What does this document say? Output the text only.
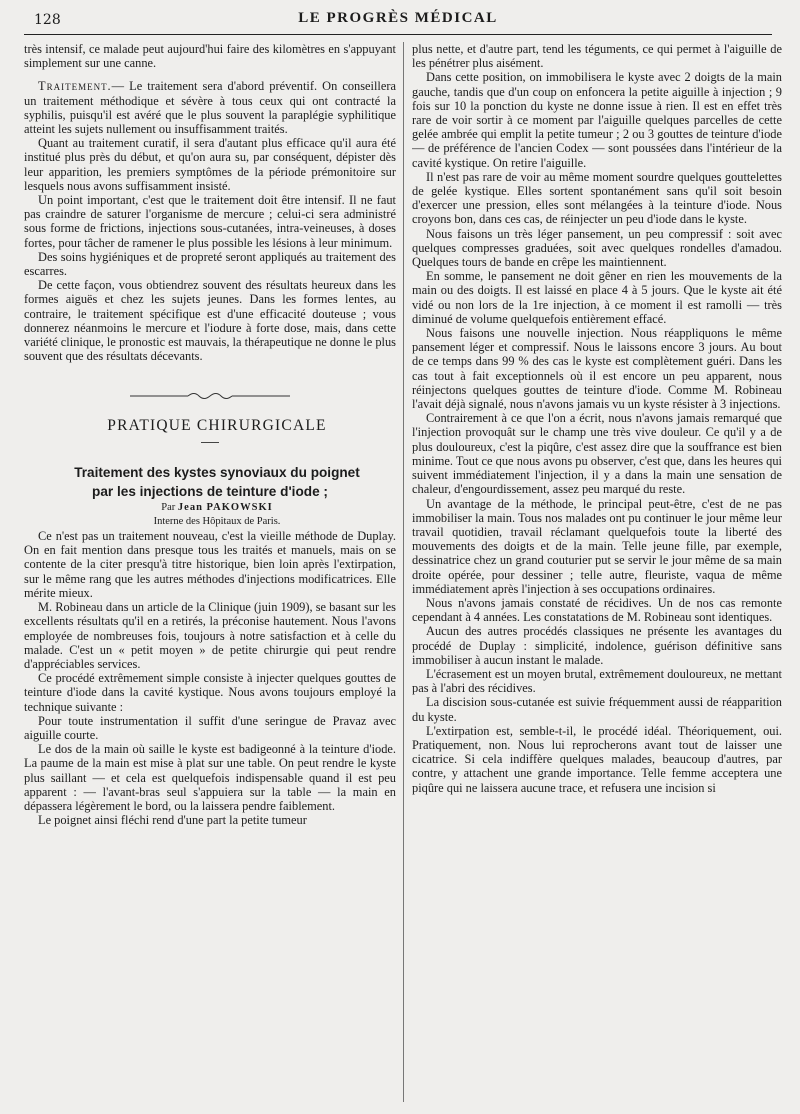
128	LE PROGRÈS MÉDICAL

très intensif, ce malade peut aujourd'hui faire des kilomètres en s'appuyant simplement sur une canne.

Traitement.— Le traitement sera d'abord préventif. On conseillera un traitement méthodique et sévère à tous ceux qui ont contracté la syphilis, puisqu'il est avéré que le plus souvent la paraplégie syphilitique atteint les sujets nullement ou insuffisamment traités.

Quant au traitement curatif, il sera d'autant plus efficace qu'il aura été institué plus près du début, et qu'on aura su, par conséquent, dépister dès leur apparition, les premiers symptômes de la période prémonitoire sur lesquels nous avons suffisamment insisté.

Un point important, c'est que le traitement doit être intensif. Il ne faut pas craindre de saturer l'organisme de mercure ; celui-ci sera administré sous forme de frictions, injections sous-cutanées, intra-veineuses, à doses fortes, pour tâcher de ramener le plus possible les lésions à leur minimum.

Des soins hygiéniques et de propreté seront appliqués au traitement des escarres.

De cette façon, vous obtiendrez souvent des résultats heureux dans les formes aiguës et chez les sujets jeunes. Dans les formes lentes, au contraire, le traitement spécifique est d'une efficacité douteuse ; vous donnerez néanmoins le mercure et l'iodure à forte dose, mais, dans cette variété clinique, le pronostic est mauvais, la thérapeutique ne donne le plus souvent que des résultats décevants.

PRATIQUE CHIRURGICALE

Traitement des kystes synoviaux du poignet
par les injections de teinture d'iode ;

Par Jean PAKOWSKI

Interne des Hôpitaux de Paris.

Ce n'est pas un traitement nouveau, c'est la vieille méthode de Duplay. On en fait mention dans presque tous les traités et manuels, mais on se contente de la citer presqu'à titre historique, bien loin après l'extirpation, sur le même rang que les autres méthodes d'injections modificatrices. Elle mérite mieux.

M. Robineau dans un article de la Clinique (juin 1909), se basant sur les excellents résultats qu'il en a retirés, la préconise hautement. Nous l'avons employée de nombreuses fois, toujours à notre satisfaction et à celle du malade. C'est un « petit moyen » de petite chirurgie qui peut rendre d'appréciables services.

Ce procédé extrêmement simple consiste à injecter quelques gouttes de teinture d'iode dans la cavité kystique. Nous avons toujours employé la technique suivante :

Pour toute instrumentation il suffit d'une seringue de Pravaz avec aiguille courte.

Le dos de la main où saille le kyste est badigeonné à la teinture d'iode. La paume de la main est mise à plat sur une table. On peut rendre le kyste plus saillant — et cela est quelquefois indispensable quand il est peu apparent : — l'avant-bras seul s'appuiera sur la table — la main en dépassera légèrement le bord, ou la laissera pendre faiblement.

Le poignet ainsi fléchi rend d'une part la petite tumeur

plus nette, et d'autre part, tend les téguments, ce qui permet à l'aiguille de les pénétrer plus aisément.

Dans cette position, on immobilisera le kyste avec 2 doigts de la main gauche, tandis que d'un coup on enfoncera la petite aiguille à injection ; 9 fois sur 10 la ponction du kyste ne donne issue à rien. Il est en effet très rare de voir sortir à ce moment par l'aiguille quelques parcelles de cette gelée ambrée qui emplit la petite tumeur ; 2 ou 3 gouttes de teinture d'iode — de préférence de l'ancien Codex — sont poussées dans l'intérieur de la cavité kystique. On retire l'aiguille.

Il n'est pas rare de voir au même moment sourdre quelques gouttelettes de gelée kystique. Elles sortent spontanément sans qu'il soit besoin d'exercer une pression, elles sont mélangées à la teinture d'iode. Nous croyons bon, dans ces cas, de réinjecter un peu d'iode dans le kyste.

Nous faisons un très léger pansement, un peu compressif : soit avec quelques compresses graduées, soit avec quelques rondelles d'amadou. Quelques tours de bande en crêpe les maintiennent.

En somme, le pansement ne doit gêner en rien les mouvements de la main ou des doigts. Il est laissé en place 4 à 5 jours. Que le kyste ait été vidé ou non lors de la 1re injection, à ce moment il est ramolli — très diminué de volume quelquefois entièrement effacé.

Nous faisons une nouvelle injection. Nous réappliquons le même pansement léger et compressif. Nous le laissons encore 3 jours. Au bout de ce temps dans 99 % des cas le kyste est complètement guéri. Dans les cas tout à fait exceptionnels où il est encore un peu apparent, nous réinjectons quelques gouttes de teinture d'iode. Comme M. Robineau l'avait déjà signalé, nous n'avons jamais vu un kyste résister à 3 injections.

Contrairement à ce que l'on a écrit, nous n'avons jamais remarqué que l'injection provoquât sur le champ une très vive douleur. Ce qu'il y a de plus douloureux, c'est la piqûre, c'est assez dire que la souffrance est bien minime. Tout ce que nous avons pu observer, c'est que, dans les heures qui suivent immédiatement l'injection, il y a dans la main une sensation de chaleur, d'engourdissement, assez peu marqué du reste.

Un avantage de la méthode, le principal peut-être, c'est de ne pas immobiliser la main. Tous nos malades ont pu continuer le jour même leur travail quotidien, travail réclamant quelquefois toute la liberté des mouvements des doigts et de la main. Telle jeune fille, par exemple, dessinatrice chez un grand couturier put se servir le jour même de sa main droite opérée, pour dessiner ; telle autre, fleuriste, vaqua de même immédiatement après l'injection à ses occupations ordinaires.

Nous n'avons jamais constaté de récidives. Un de nos cas remonte cependant à 4 années. Les constatations de M. Robineau sont identiques.

Aucun des autres procédés classiques ne présente les avantages du procédé de Duplay : simplicité, indolence, guérison définitive sans immobiliser à aucun instant le malade.

L'écrasement est un moyen brutal, extrêmement douloureux, ne mettant pas à l'abri des récidives.

La discision sous-cutanée est suivie fréquemment aussi de réapparition du kyste.

L'extirpation est, semble-t-il, le procédé idéal. Théoriquement, oui. Pratiquement, non. Nous lui reprocherons avant tout de laisser une cicatrice. Si cela indiffère quelques malades, beaucoup d'autres, par contre, y attachent une grande importance. Telle femme acceptera une piqûre qui ne laissera aucune trace, et refusera une incision si
